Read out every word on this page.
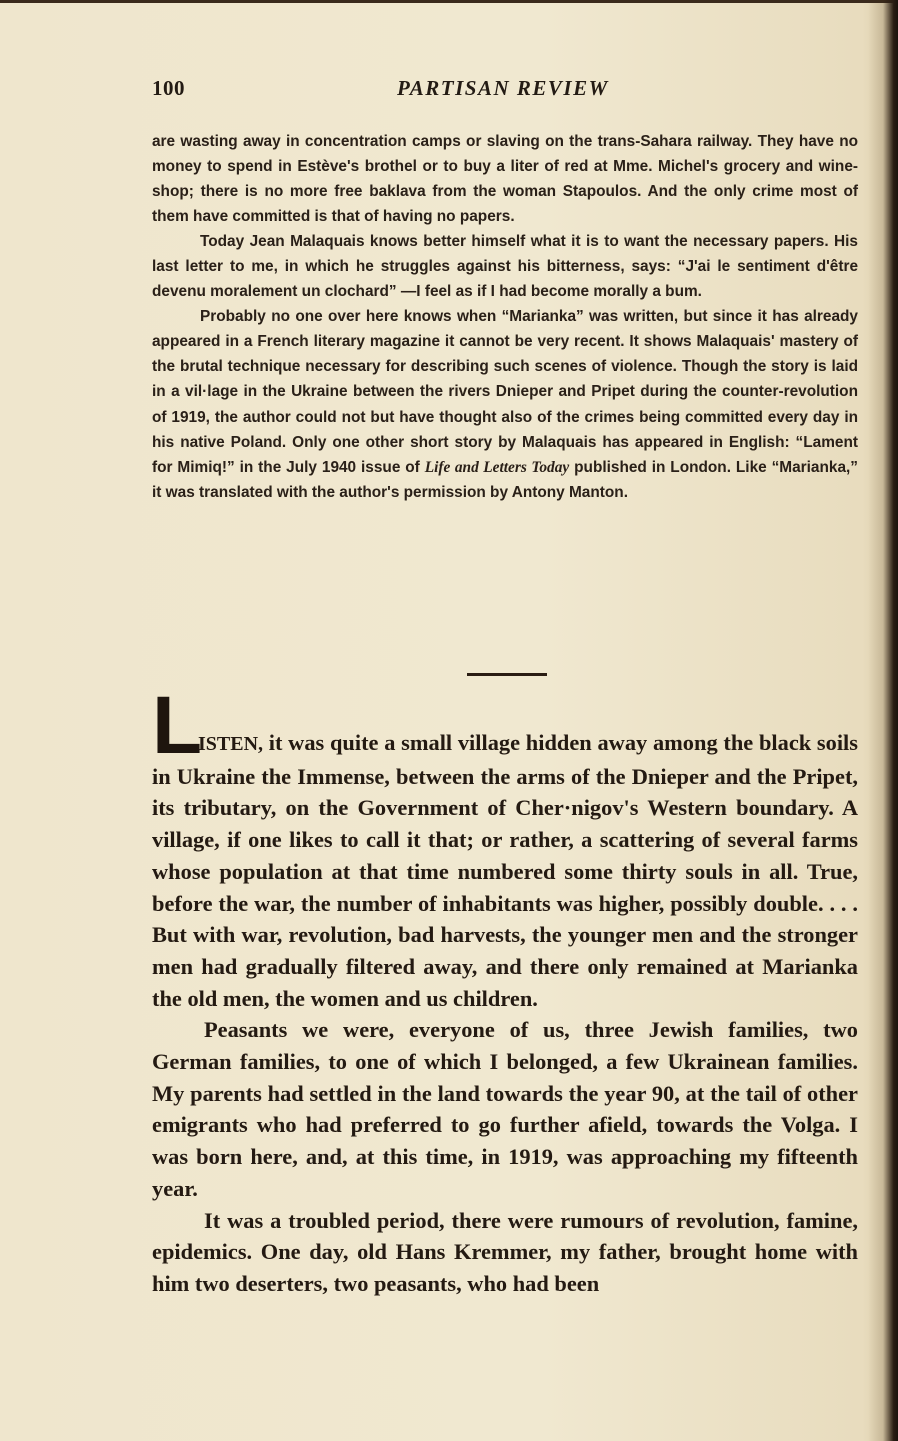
100	PARTISAN REVIEW

are wasting away in concentration camps or slaving on the trans-Sahara railway. They have no money to spend in Estève's brothel or to buy a liter of red at Mme. Michel's grocery and wine-shop; there is no more free baklava from the woman Stapoulos. And the only crime most of them have committed is that of having no papers.

Today Jean Malaquais knows better himself what it is to want the necessary papers. His last letter to me, in which he struggles against his bitterness, says: “J'ai le sentiment d'être devenu moralement un clochard” —I feel as if I had become morally a bum.

Probably no one over here knows when “Marianka” was written, but since it has already appeared in a French literary magazine it cannot be very recent. It shows Malaquais' mastery of the brutal technique necessary for describing such scenes of violence. Though the story is laid in a vil·lage in the Ukraine between the rivers Dnieper and Pripet during the counter-revolution of 1919, the author could not but have thought also of the crimes being committed every day in his native Poland. Only one other short story by Malaquais has appeared in English: “Lament for Mimiq!” in the July 1940 issue of Life and Letters Today published in London. Like “Marianka,” it was translated with the author's permission by Antony Manton.

L

ISTEN, it was quite a small village hidden away among the black soils in Ukraine the Immense, between the arms of the Dnieper and the Pripet, its tributary, on the Government of Cher·nigov's Western boundary. A village, if one likes to call it that; or rather, a scattering of several farms whose population at that time numbered some thirty souls in all. True, before the war, the number of inhabitants was higher, possibly double. . . . But with war, revolution, bad harvests, the younger men and the stronger men had gradually filtered away, and there only remained at Marianka the old men, the women and us children.

Peasants we were, everyone of us, three Jewish families, two German families, to one of which I belonged, a few Ukrainean families. My parents had settled in the land towards the year 90, at the tail of other emigrants who had preferred to go further afield, towards the Volga. I was born here, and, at this time, in 1919, was approaching my fifteenth year.

It was a troubled period, there were rumours of revolution, famine, epidemics. One day, old Hans Kremmer, my father, brought home with him two deserters, two peasants, who had been
